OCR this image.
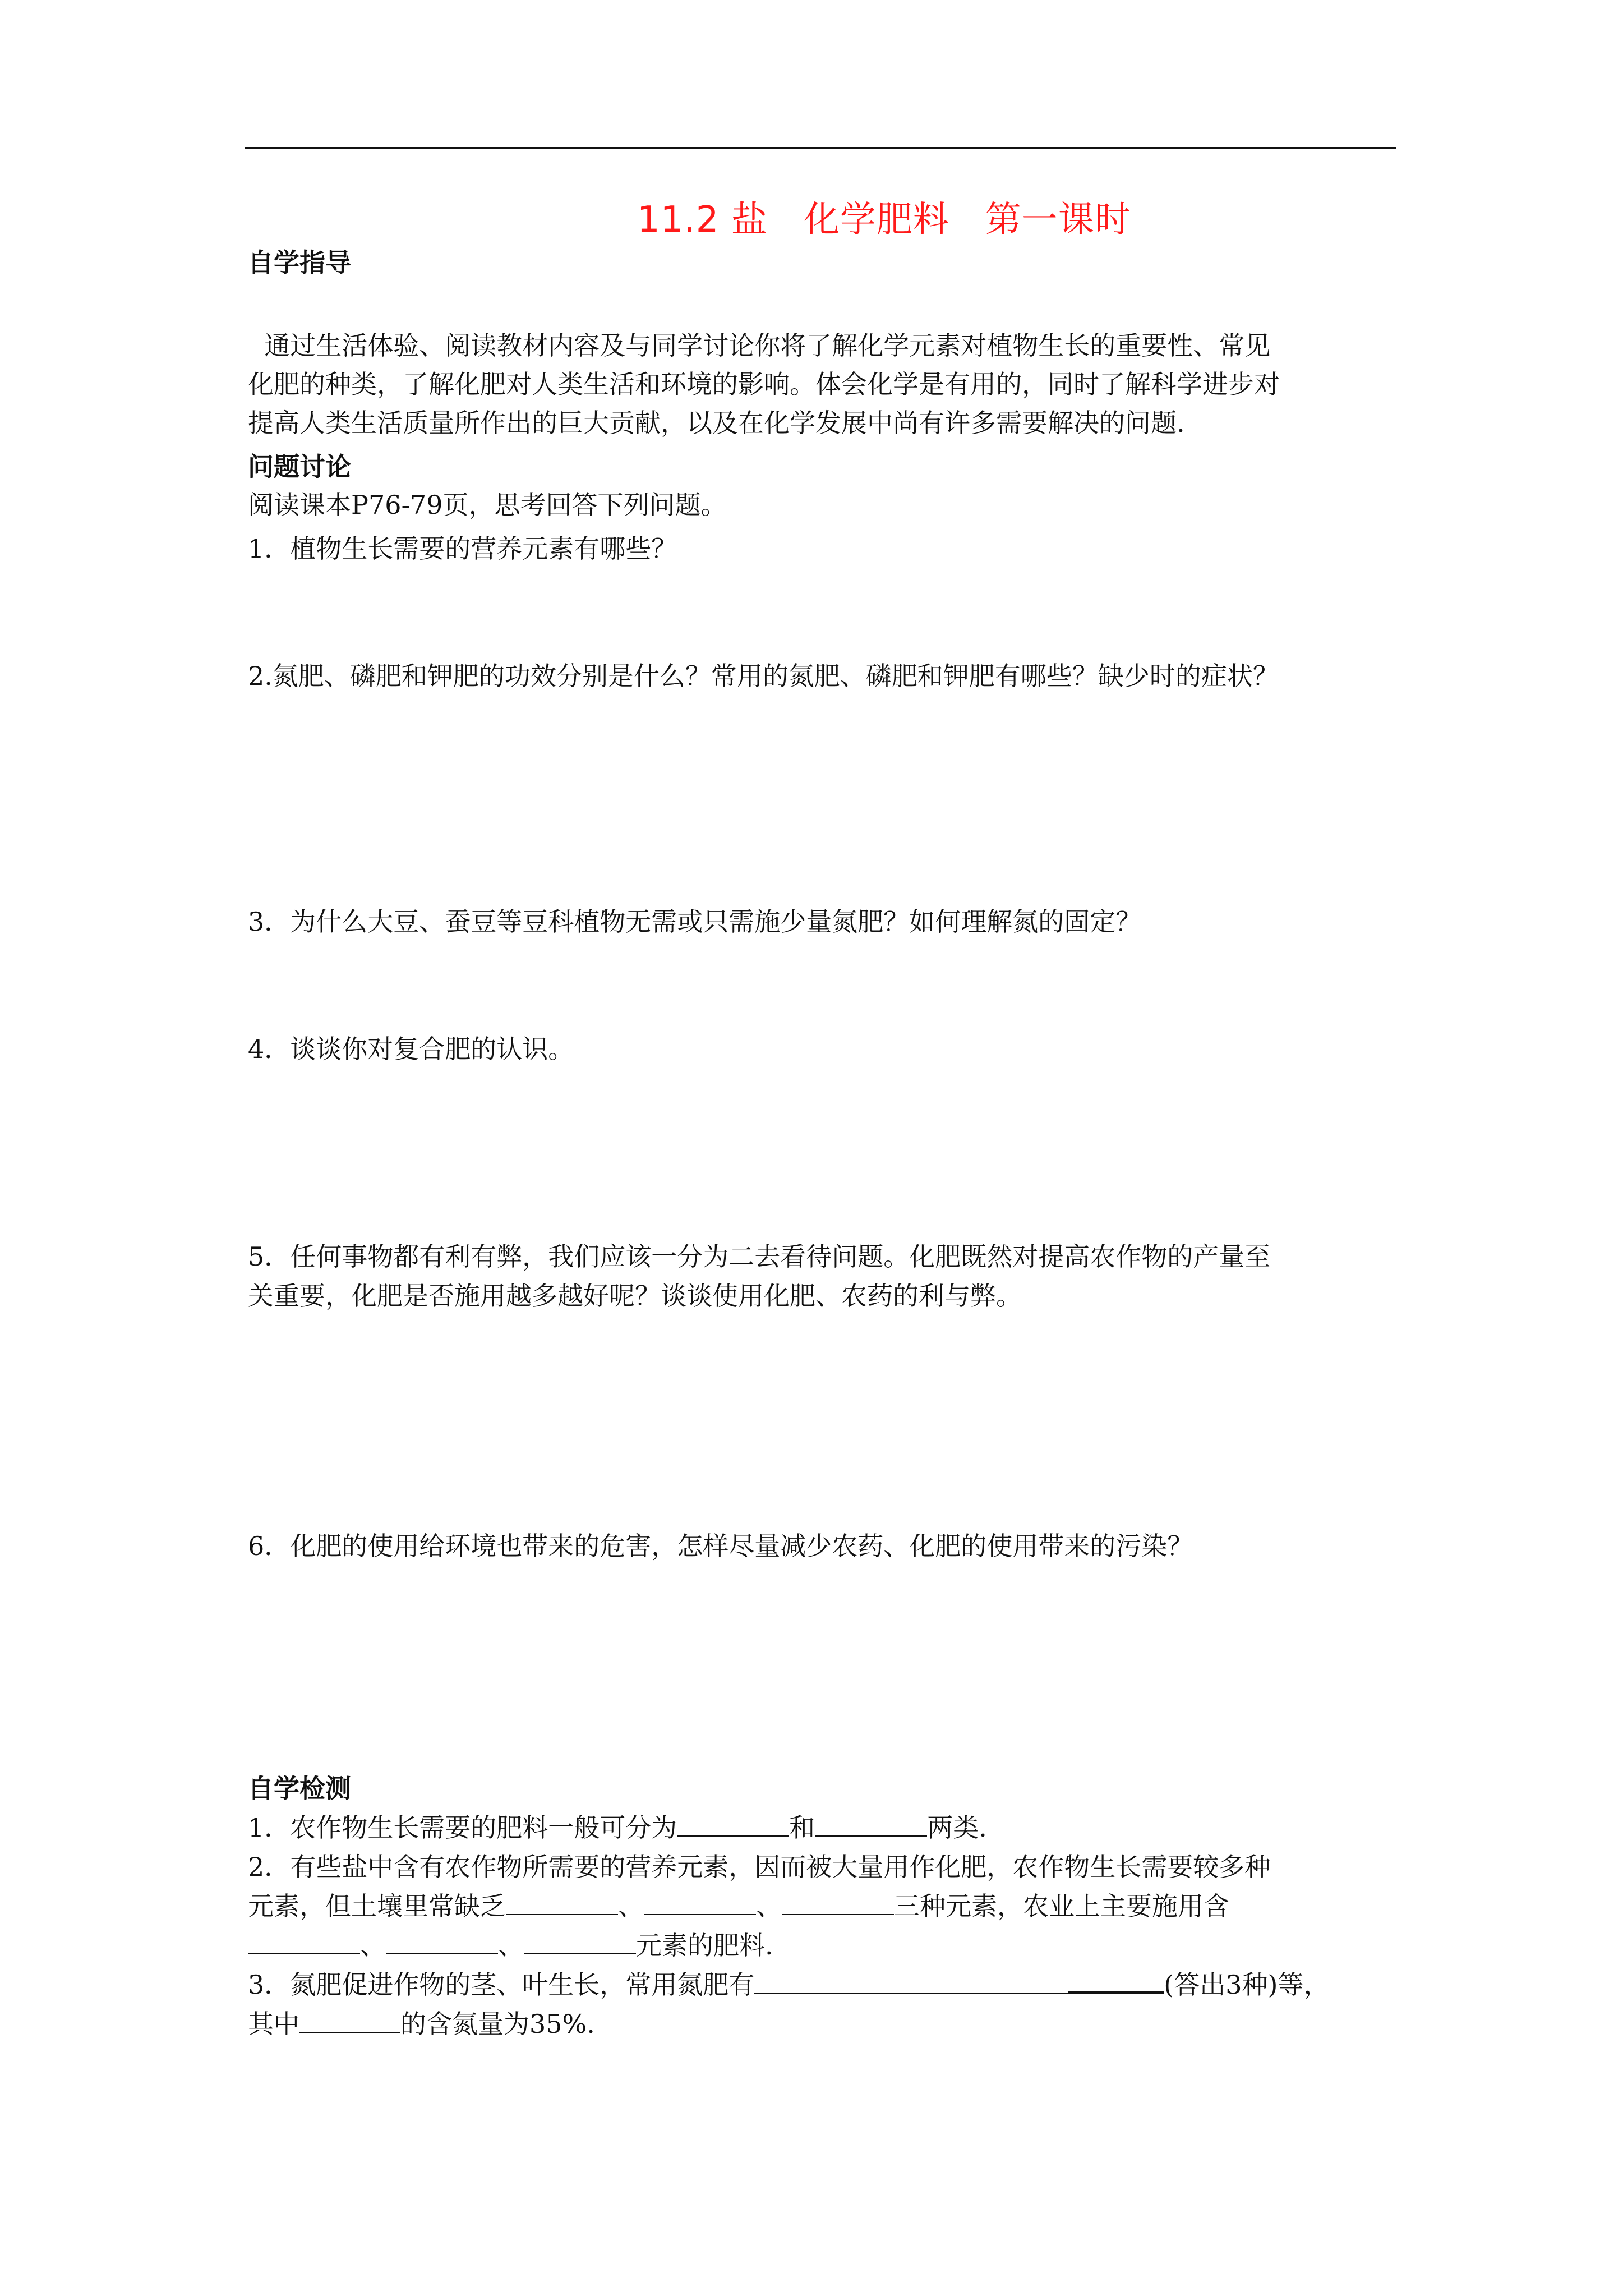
11.2 盐   化学肥料   第一课时
自学指导

通过生活体验、阅读教材内容及与同学讨论你将了解化学元素对植物生长的重要性、常见

化肥的种类，了解化肥对人类生活和环境的影响。体会化学是有用的，同时了解科学进步对

提高人类生活质量所作出的巨大贡献，以及在化学发展中尚有许多需要解决的问题.

问题讨论
阅读课本P76-79页，思考回答下列问题。
1．植物生长需要的营养元素有哪些？
2.氮肥、磷肥和钾肥的功效分别是什么？常用的氮肥、磷肥和钾肥有哪些？缺少时的症状？
3．为什么大豆、蚕豆等豆科植物无需或只需施少量氮肥？如何理解氮的固定？
4．谈谈你对复合肥的认识。
5．任何事物都有利有弊，我们应该一分为二去看待问题。化肥既然对提高农作物的产量至
关重要，化肥是否施用越多越好呢？谈谈使用化肥、农药的利与弊。
6．化肥的使用给环境也带来的危害，怎样尽量减少农药、化肥的使用带来的污染？
自学检测
1．农作物生长需要的肥料一般可分为	和	两类.
2．有些盐中含有农作物所需要的营养元素，因而被大量用作化肥，农作物生长需要较多种
元素，但土壤里常缺乏	、	、	三种元素，农业上主要施用含
、	、	元素的肥料.
3．氮肥促进作物的茎、叶生长，常用氮肥有	(答出3种)等，
其中	的含氮量为35%.
